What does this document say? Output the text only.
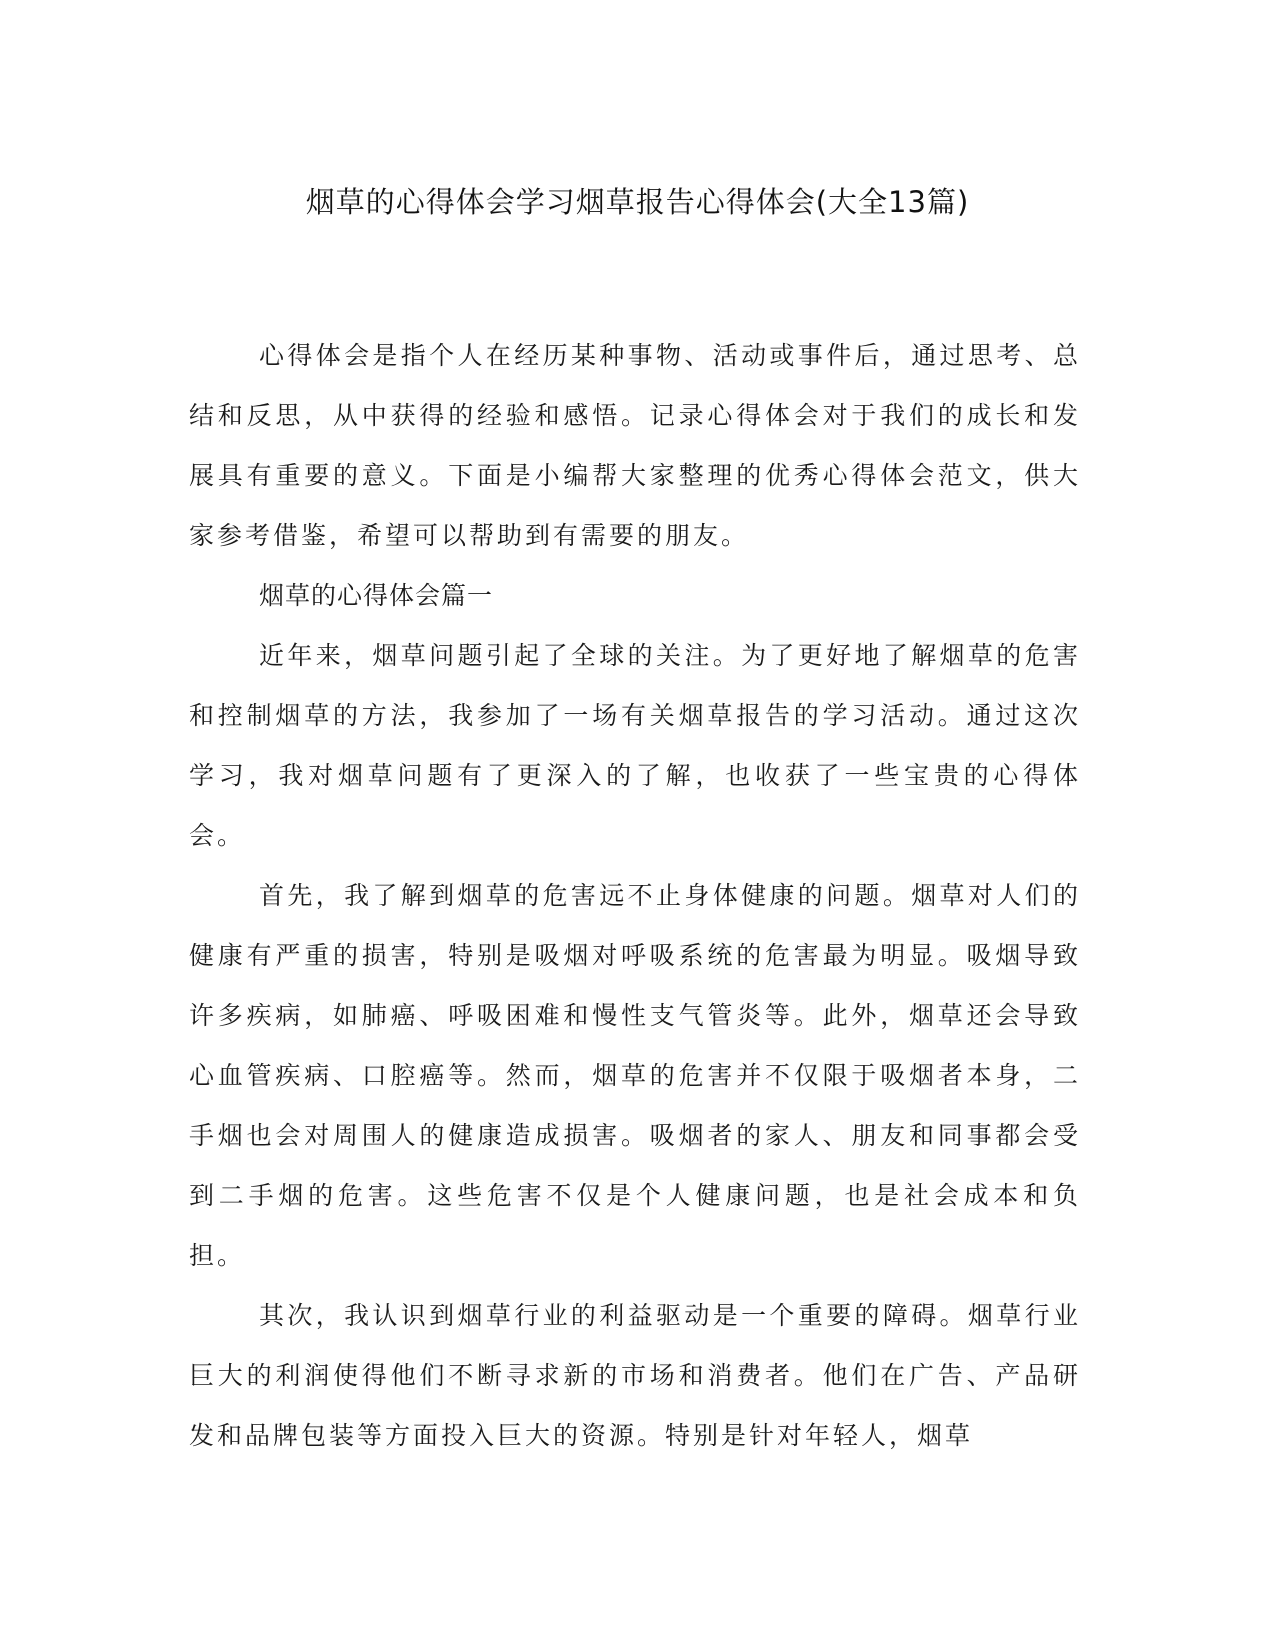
烟草的心得体会学习烟草报告心得体会(大全13篇)

心得体会是指个人在经历某种事物、活动或事件后，通过思考、总结和反思，从中获得的经验和感悟。记录心得体会对于我们的成长和发展具有重要的意义。下面是小编帮大家整理的优秀心得体会范文，供大家参考借鉴，希望可以帮助到有需要的朋友。

烟草的心得体会篇一

近年来，烟草问题引起了全球的关注。为了更好地了解烟草的危害和控制烟草的方法，我参加了一场有关烟草报告的学习活动。通过这次学习，我对烟草问题有了更深入的了解，也收获了一些宝贵的心得体会。

首先，我了解到烟草的危害远不止身体健康的问题。烟草对人们的健康有严重的损害，特别是吸烟对呼吸系统的危害最为明显。吸烟导致许多疾病，如肺癌、呼吸困难和慢性支气管炎等。此外，烟草还会导致心血管疾病、口腔癌等。然而，烟草的危害并不仅限于吸烟者本身，二手烟也会对周围人的健康造成损害。吸烟者的家人、朋友和同事都会受到二手烟的危害。这些危害不仅是个人健康问题，也是社会成本和负担。

其次，我认识到烟草行业的利益驱动是一个重要的障碍。烟草行业巨大的利润使得他们不断寻求新的市场和消费者。他们在广告、产品研发和品牌包装等方面投入巨大的资源。特别是针对年轻人，烟草
